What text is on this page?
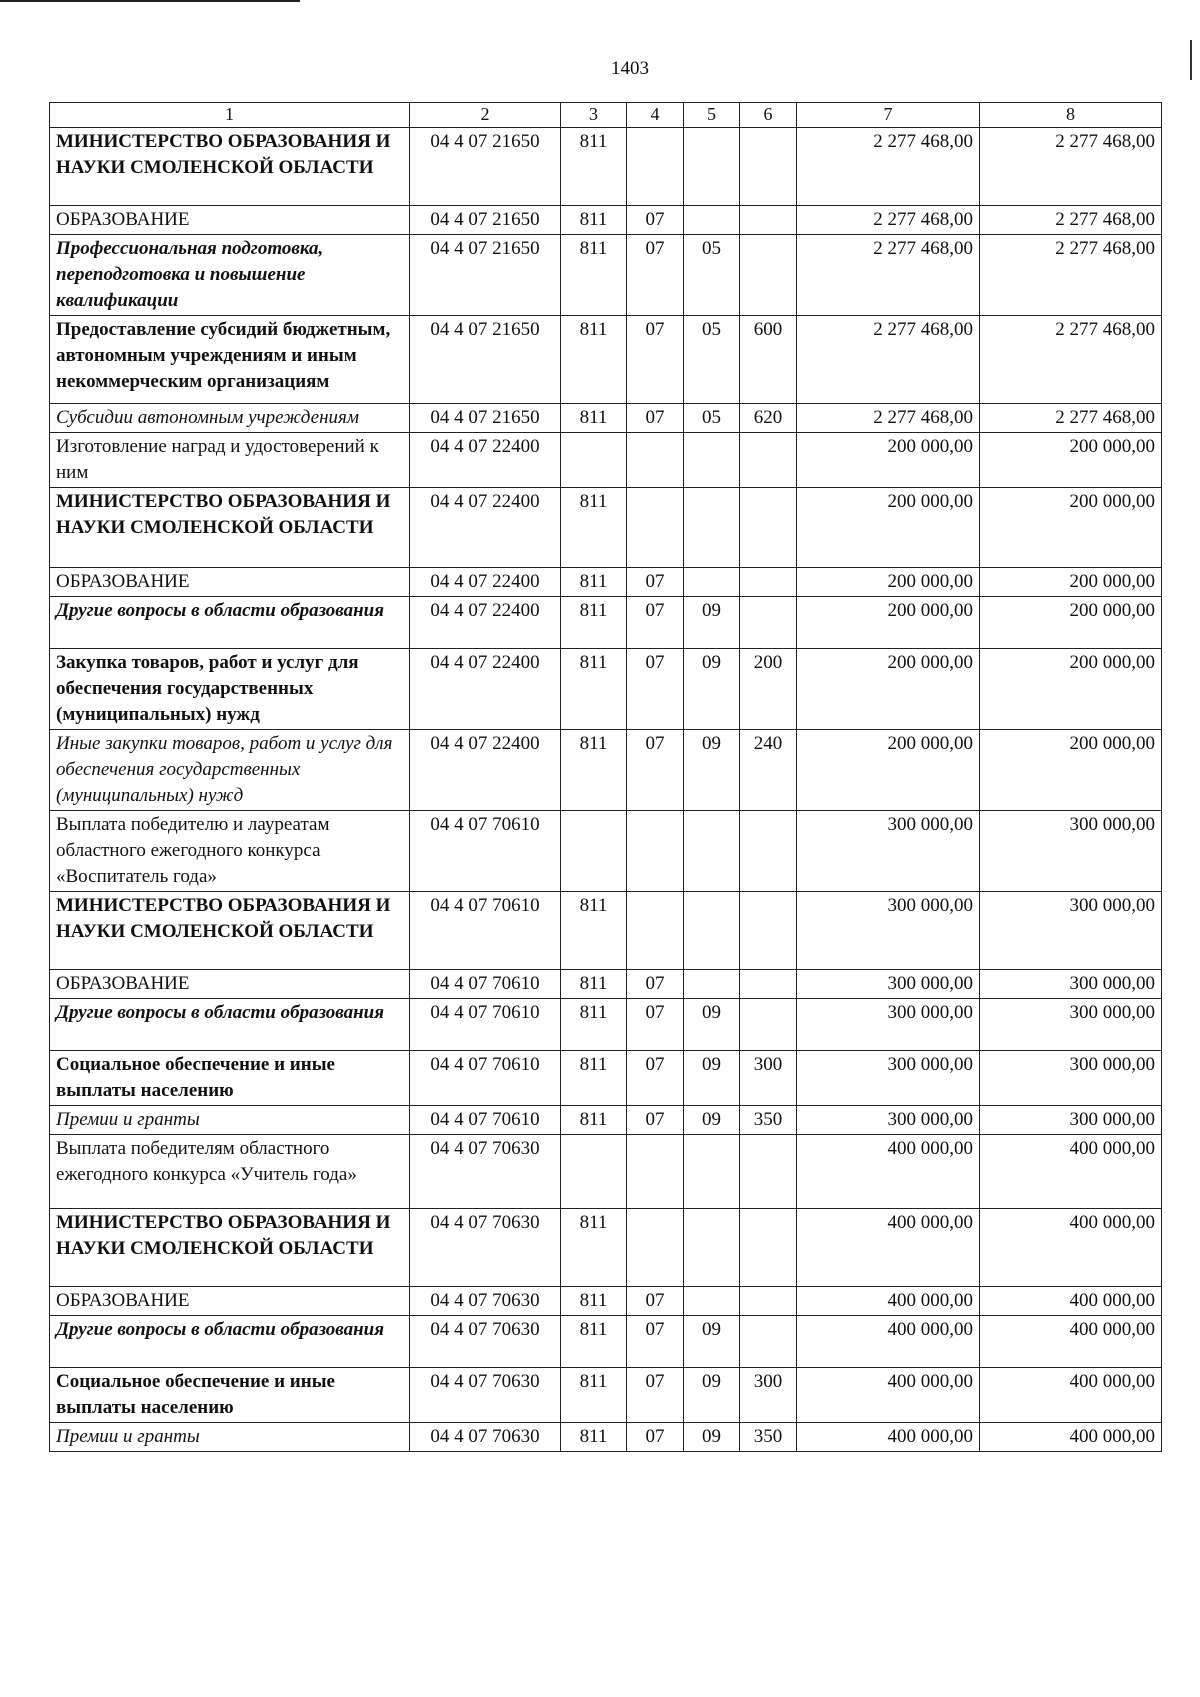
1403
1	2	3	4	5	6	7	8
МИНИСТЕРСТВО ОБРАЗОВАНИЯ И НАУКИ СМОЛЕНСКОЙ ОБЛАСТИ	04 4 07 21650	811				2 277 468,00	2 277 468,00
ОБРАЗОВАНИЕ	04 4 07 21650	811	07			2 277 468,00	2 277 468,00
Профессиональная подготовка, переподготовка и повышение квалификации	04 4 07 21650	811	07	05		2 277 468,00	2 277 468,00
Предоставление субсидий бюджетным, автономным учреждениям и иным некоммерческим организациям	04 4 07 21650	811	07	05	600	2 277 468,00	2 277 468,00
Субсидии автономным учреждениям	04 4 07 21650	811	07	05	620	2 277 468,00	2 277 468,00
Изготовление наград и удостоверений к ним	04 4 07 22400					200 000,00	200 000,00
МИНИСТЕРСТВО ОБРАЗОВАНИЯ И НАУКИ СМОЛЕНСКОЙ ОБЛАСТИ	04 4 07 22400	811				200 000,00	200 000,00
ОБРАЗОВАНИЕ	04 4 07 22400	811	07			200 000,00	200 000,00
Другие вопросы в области образования	04 4 07 22400	811	07	09		200 000,00	200 000,00
Закупка товаров, работ и услуг для обеспечения государственных (муниципальных) нужд	04 4 07 22400	811	07	09	200	200 000,00	200 000,00
Иные закупки товаров, работ и услуг для обеспечения государственных (муниципальных) нужд	04 4 07 22400	811	07	09	240	200 000,00	200 000,00
Выплата победителю и лауреатам областного ежегодного конкурса «Воспитатель года»	04 4 07 70610					300 000,00	300 000,00
МИНИСТЕРСТВО ОБРАЗОВАНИЯ И НАУКИ СМОЛЕНСКОЙ ОБЛАСТИ	04 4 07 70610	811				300 000,00	300 000,00
ОБРАЗОВАНИЕ	04 4 07 70610	811	07			300 000,00	300 000,00
Другие вопросы в области образования	04 4 07 70610	811	07	09		300 000,00	300 000,00
Социальное обеспечение и иные выплаты населению	04 4 07 70610	811	07	09	300	300 000,00	300 000,00
Премии и гранты	04 4 07 70610	811	07	09	350	300 000,00	300 000,00
Выплата победителям областного ежегодного конкурса «Учитель года»	04 4 07 70630					400 000,00	400 000,00
МИНИСТЕРСТВО ОБРАЗОВАНИЯ И НАУКИ СМОЛЕНСКОЙ ОБЛАСТИ	04 4 07 70630	811				400 000,00	400 000,00
ОБРАЗОВАНИЕ	04 4 07 70630	811	07			400 000,00	400 000,00
Другие вопросы в области образования	04 4 07 70630	811	07	09		400 000,00	400 000,00
Социальное обеспечение и иные выплаты населению	04 4 07 70630	811	07	09	300	400 000,00	400 000,00
Премии и гранты	04 4 07 70630	811	07	09	350	400 000,00	400 000,00
